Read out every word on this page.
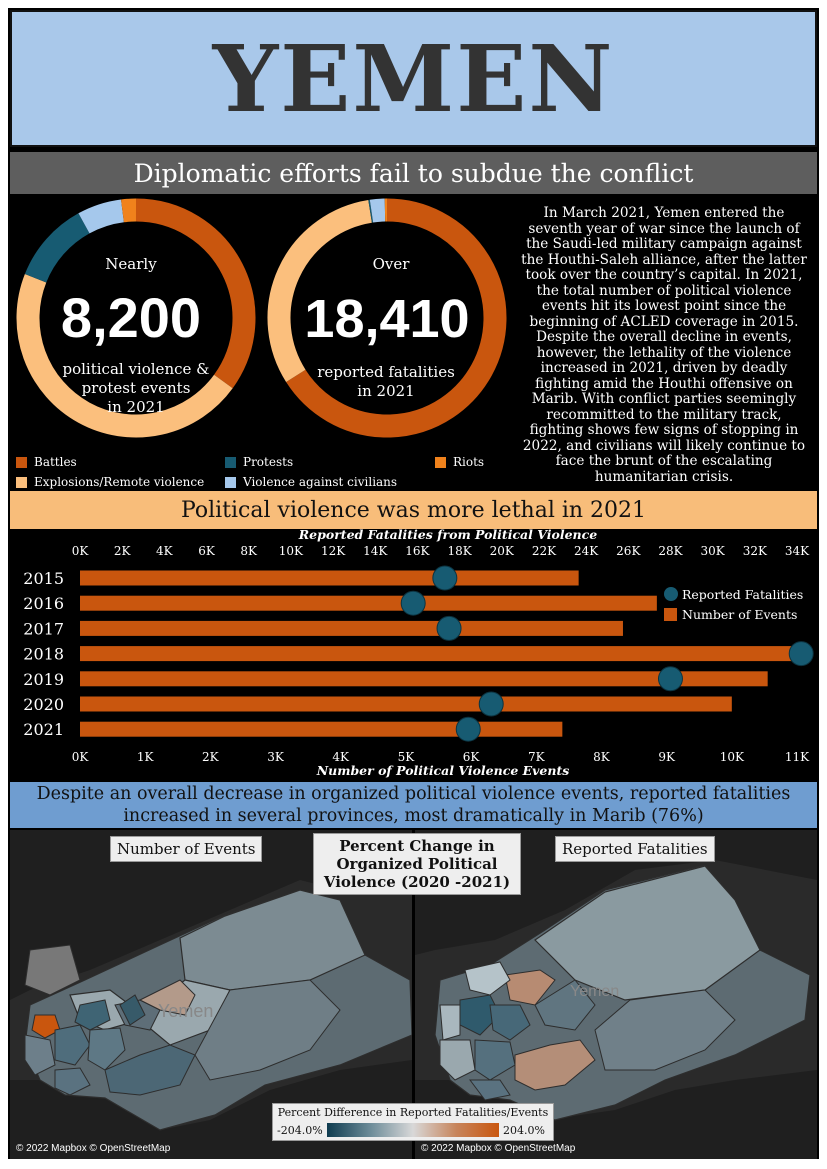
YEMEN
Diplomatic efforts fail to subdue the conflict
Nearly
8,200
political violence &
protest events
in 2021
Over
18,410
reported fatalities
in 2021
Battles	Protests	Riots
Explosions/Remote violence	Violence against civilians
In March 2021, Yemen entered the seventh year of war since the launch of the Saudi-led military campaign against the Houthi-Saleh alliance, after the latter took over the country’s capital. In 2021, the total number of political violence events hit its lowest point since the beginning of ACLED coverage in 2015. Despite the overall decline in events, however, the lethality of the violence increased in 2021, driven by deadly fighting amid the Houthi offensive on Marib. With conflict parties seemingly recommitted to the military track, fighting shows few signs of stopping in 2022, and civilians will likely continue to face the brunt of the escalating humanitarian crisis.
Political violence was more lethal in 2021
Reported Fatalities from Political Violence
0K 2K 4K 6K 8K 10K 12K 14K 16K 18K 20K 22K 24K 26K 28K 30K 32K 34K
0K	1K	2K	3K	4K	5K	6K	7K	8K	9K	10K	11K
Number of Political Violence Events
2015
2016
2017
2018
2019
2020
2021
Reported Fatalities
Number of Events
Despite an overall decrease in organized political violence events, reported fatalities
increased in several provinces, most dramatically in Marib (76%)
Yemen
Number of Events
© 2022 Mapbox © OpenStreetMap
Yemen
Reported Fatalities
© 2022 Mapbox © OpenStreetMap
Percent Change in
Organized Political
Violence (2020 -2021)
Percent Difference in Reported Fatalities/Events
-204.0%	204.0%
